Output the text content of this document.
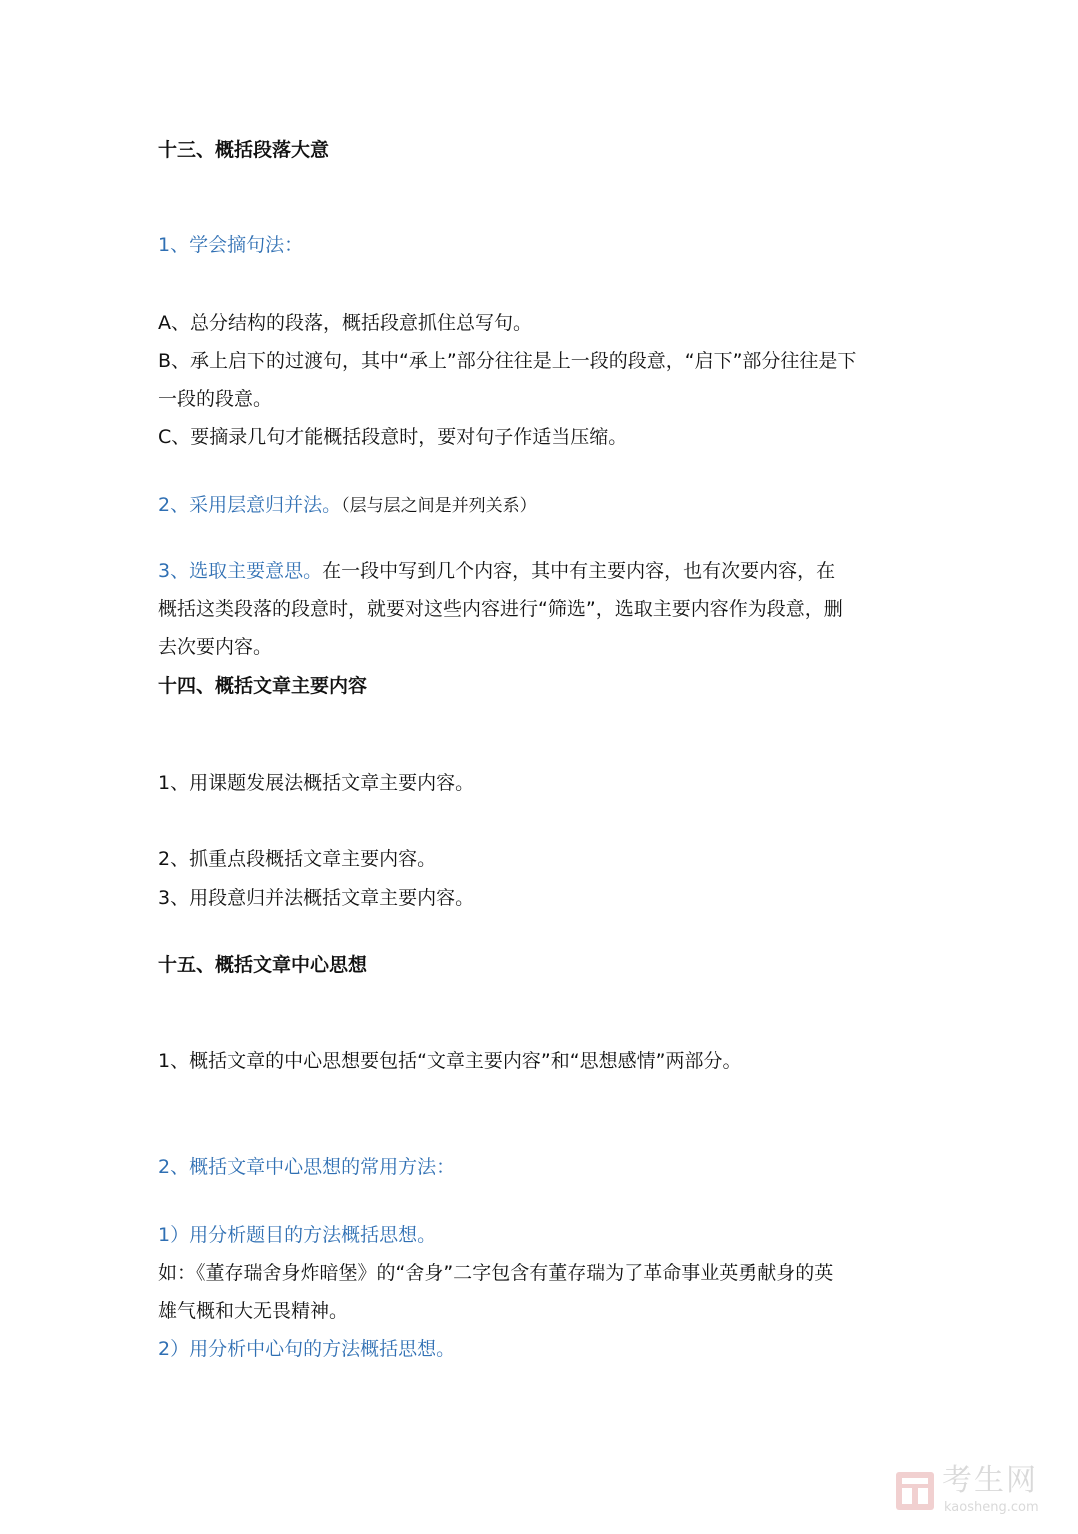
十三、概括段落大意
1、学会摘句法：
A、总分结构的段落，概括段意抓住总写句。
B、承上启下的过渡句，其中“承上”部分往往是上一段的段意，“启下”部分往往是下
一段的段意。
C、要摘录几句才能概括段意时，要对句子作适当压缩。
2、采用层意归并法。（层与层之间是并列关系）
3、选取主要意思。在一段中写到几个内容，其中有主要内容，也有次要内容，在
概括这类段落的段意时，就要对这些内容进行“筛选”，选取主要内容作为段意，删
去次要内容。
十四、概括文章主要内容
1、用课题发展法概括文章主要内容。
2、抓重点段概括文章主要内容。
3、用段意归并法概括文章主要内容。
十五、概括文章中心思想
1、概括文章的中心思想要包括“文章主要内容”和“思想感情”两部分。
2、概括文章中心思想的常用方法：
1）用分析题目的方法概括思想。
如：《董存瑞舍身炸暗堡》的“舍身”二字包含有董存瑞为了革命事业英勇献身的英
雄气概和大无畏精神。
2）用分析中心句的方法概括思想。
考生网
kaosheng.com
